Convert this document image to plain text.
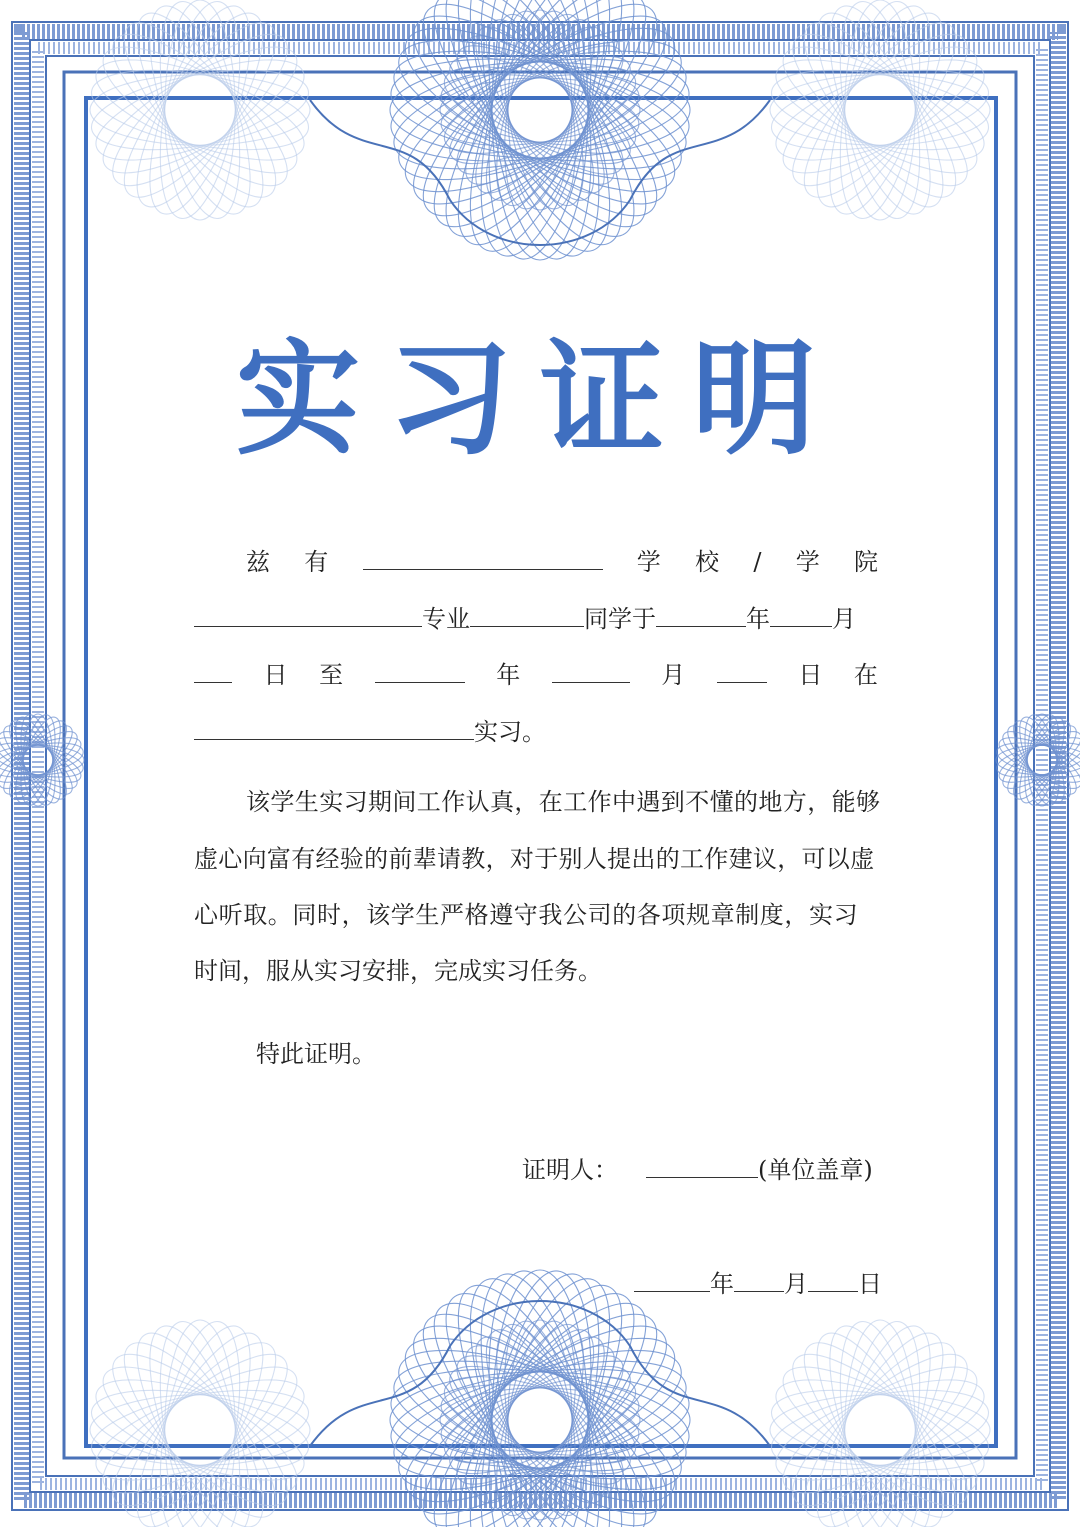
实习证明
兹 有	学 校 / 学 院
专业	同学于	年	月
日 至	年	月	日 在
实习。
该学生实习期间工作认真，在工作中遇到不懂的地方，能够
虚心向富有经验的前辈请教，对于别人提出的工作建议，可以虚
心听取。同时，该学生严格遵守我公司的各项规章制度，实习
时间，服从实习安排，完成实习任务。
特此证明。
证明人：	(单位盖章)
年 月 日
